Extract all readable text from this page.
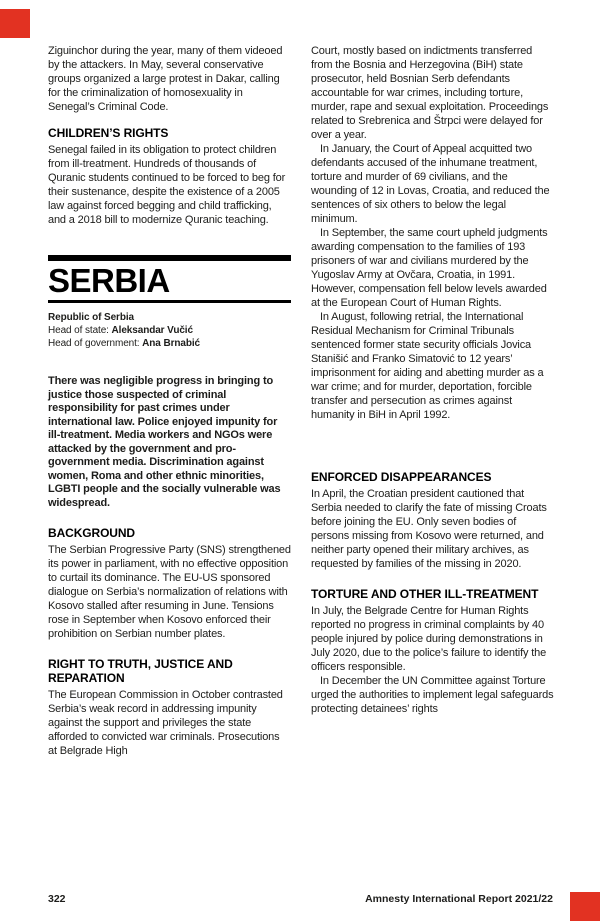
Ziguinchor during the year, many of them videoed by the attackers. In May, several conservative groups organized a large protest in Dakar, calling for the criminalization of homosexuality in Senegal’s Criminal Code.

CHILDREN’S RIGHTS

Senegal failed in its obligation to protect children from ill-treatment. Hundreds of thousands of Quranic students continued to be forced to beg for their sustenance, despite the existence of a 2005 law against forced begging and child trafficking, and a 2018 bill to modernize Quranic teaching.

SERBIA

Republic of Serbia

Head of state: Aleksandar Vučić

Head of government: Ana Brnabić

There was negligible progress in bringing to justice those suspected of criminal responsibility for past crimes under international law. Police enjoyed impunity for ill-treatment. Media workers and NGOs were attacked by the government and pro-government media. Discrimination against women, Roma and other ethnic minorities, LGBTI people and the socially vulnerable was widespread.

BACKGROUND

The Serbian Progressive Party (SNS) strengthened its power in parliament, with no effective opposition to curtail its dominance. The EU-US sponsored dialogue on Serbia’s normalization of relations with Kosovo stalled after resuming in June. Tensions rose in September when Kosovo enforced their prohibition on Serbian number plates.

RIGHT TO TRUTH, JUSTICE AND REPARATION

The European Commission in October contrasted Serbia’s weak record in addressing impunity against the support and privileges the state afforded to convicted war criminals. Prosecutions at Belgrade High

Court, mostly based on indictments transferred from the Bosnia and Herzegovina (BiH) state prosecutor, held Bosnian Serb defendants accountable for war crimes, including torture, murder, rape and sexual exploitation. Proceedings related to Srebrenica and Štrpci were delayed for over a year.

In January, the Court of Appeal acquitted two defendants accused of the inhumane treatment, torture and murder of 69 civilians, and the wounding of 12 in Lovas, Croatia, and reduced the sentences of six others to below the legal minimum.

In September, the same court upheld judgments awarding compensation to the families of 193 prisoners of war and civilians murdered by the Yugoslav Army at Ovčara, Croatia, in 1991. However, compensation fell below levels awarded at the European Court of Human Rights.

In August, following retrial, the International Residual Mechanism for Criminal Tribunals sentenced former state security officials Jovica Stanišić and Franko Simatović to 12 years’ imprisonment for aiding and abetting murder as a war crime; and for murder, deportation, forcible transfer and persecution as crimes against humanity in BiH in April 1992.

ENFORCED DISAPPEARANCES

In April, the Croatian president cautioned that Serbia needed to clarify the fate of missing Croats before joining the EU. Only seven bodies of persons missing from Kosovo were returned, and neither party opened their military archives, as requested by families of the missing in 2020.

TORTURE AND OTHER ILL-TREATMENT

In July, the Belgrade Centre for Human Rights reported no progress in criminal complaints by 40 people injured by police during demonstrations in July 2020, due to the police’s failure to identify the officers responsible.

In December the UN Committee against Torture urged the authorities to implement legal safeguards protecting detainees’ rights

322	Amnesty International Report 2021/22
